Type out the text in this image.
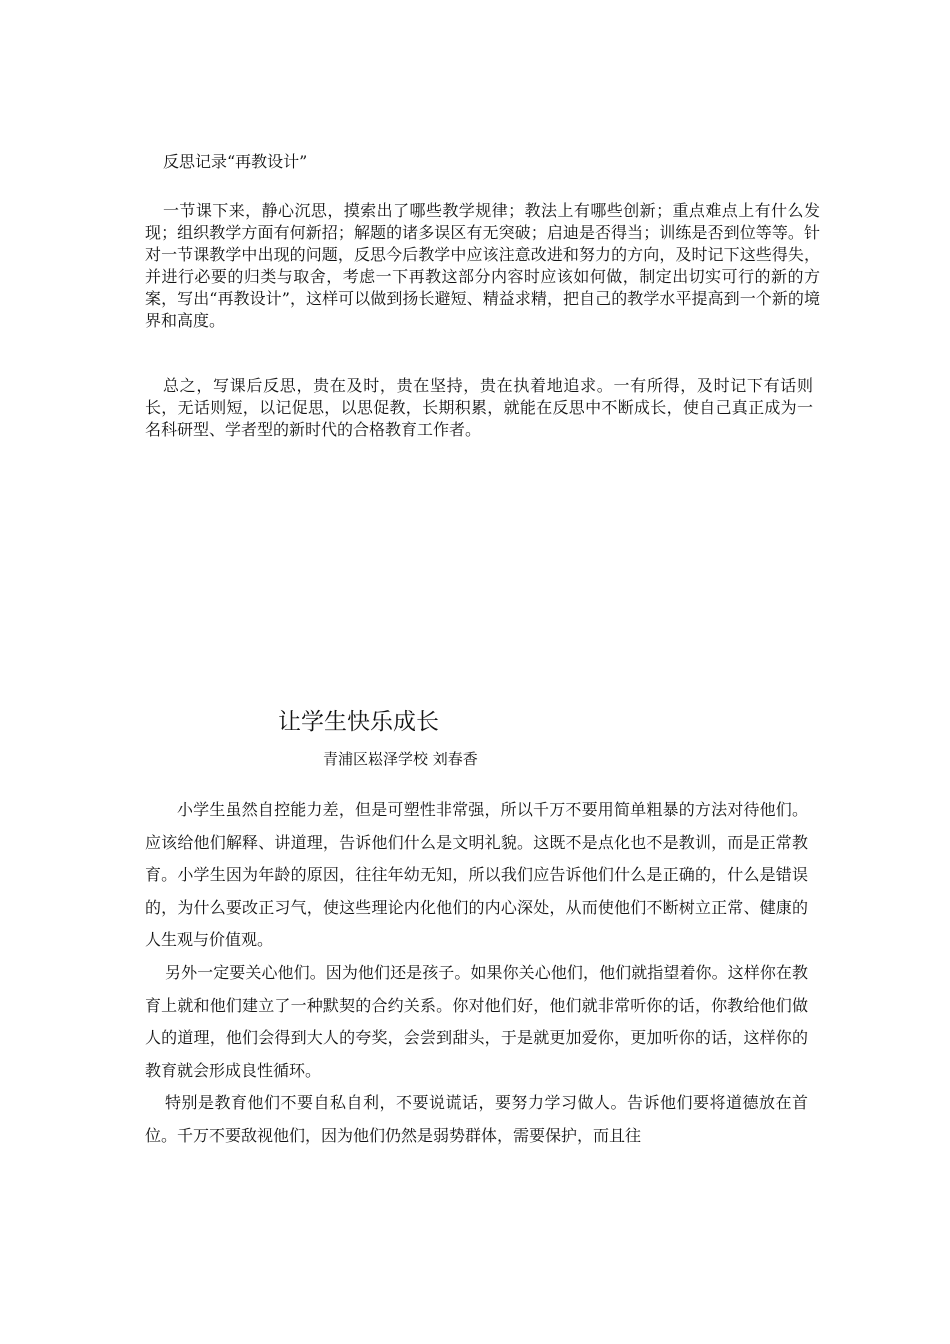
反思记录“再教设计”

一节课下来，静心沉思，摸索出了哪些教学规律；教法上有哪些创新；重点难点上有什么发现；组织教学方面有何新招；解题的诸多误区有无突破；启迪是否得当；训练是否到位等等。针对一节课教学中出现的问题，反思今后教学中应该注意改进和努力的方向，及时记下这些得失，并进行必要的归类与取舍，考虑一下再教这部分内容时应该如何做，制定出切实可行的新的方案，写出“再教设计”，这样可以做到扬长避短、精益求精，把自己的教学水平提高到一个新的境界和高度。

总之，写课后反思，贵在及时，贵在坚持，贵在执着地追求。一有所得，及时记下有话则长，无话则短，以记促思，以思促教，长期积累，就能在反思中不断成长，使自己真正成为一名科研型、学者型的新时代的合格教育工作者。

让学生快乐成长
青浦区崧泽学校 刘春香

小学生虽然自控能力差，但是可塑性非常强，所以千万不要用简单粗暴的方法对待他们。应该给他们解释、讲道理，告诉他们什么是文明礼貌。这既不是点化也不是教训，而是正常教育。小学生因为年龄的原因，往往年幼无知，所以我们应告诉他们什么是正确的，什么是错误的，为什么要改正习气，使这些理论内化他们的内心深处，从而使他们不断树立正常、健康的人生观与价值观。

另外一定要关心他们。因为他们还是孩子。如果你关心他们，他们就指望着你。这样你在教育上就和他们建立了一种默契的合约关系。你对他们好，他们就非常听你的话，你教给他们做人的道理，他们会得到大人的夸奖，会尝到甜头，于是就更加爱你，更加听你的话，这样你的教育就会形成良性循环。

特别是教育他们不要自私自利，不要说谎话，要努力学习做人。告诉他们要将道德放在首位。千万不要敌视他们，因为他们仍然是弱势群体，需要保护，而且往
